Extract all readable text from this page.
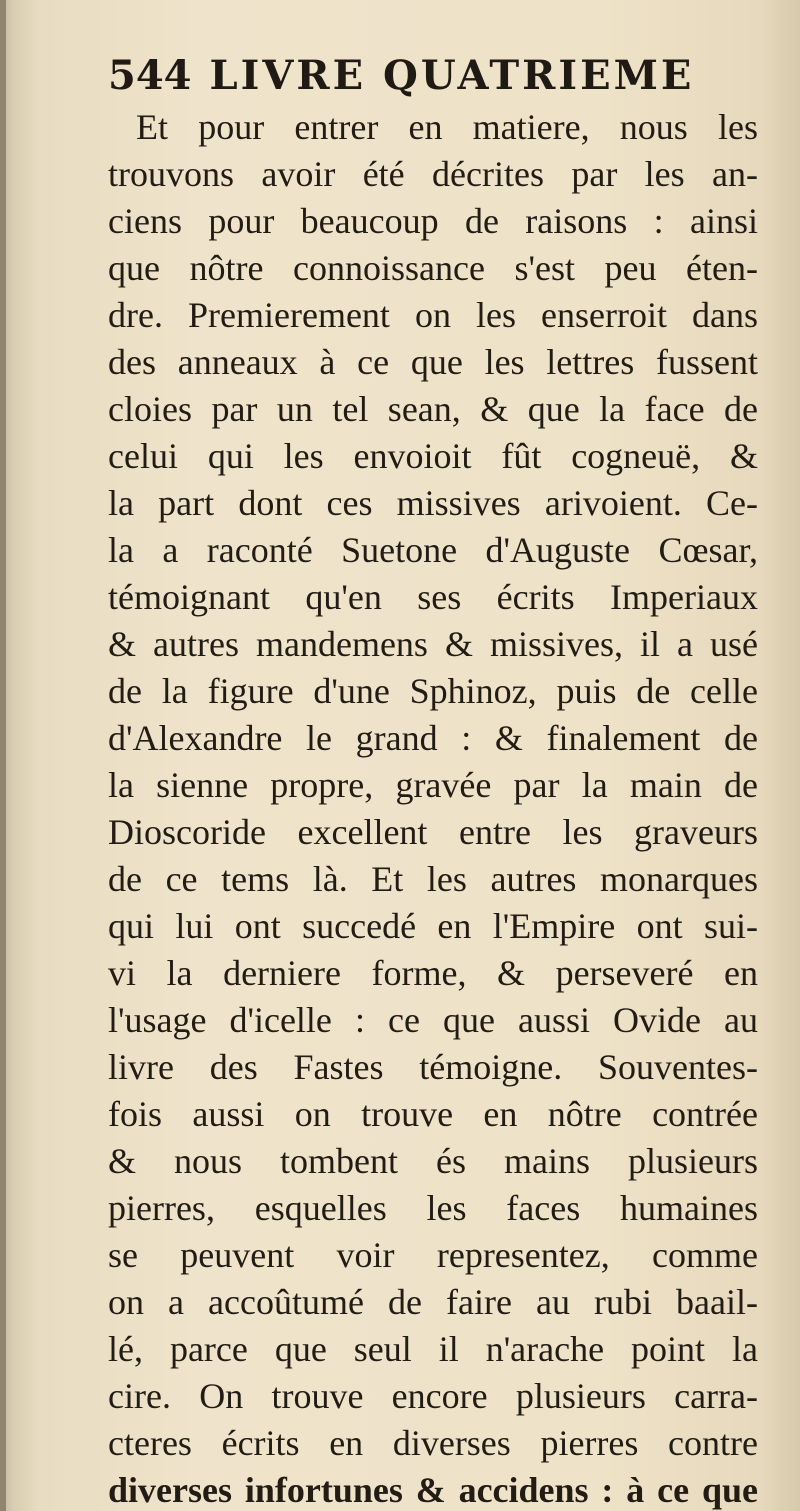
544 LIVRE QUATRIEME
Et pour entrer en matiere, nous les
trouvons avoir été décrites par les an-
ciens pour beaucoup de raisons : ainsi
que nôtre connoissance s'est peu éten-
dre. Premierement on les enserroit dans
des anneaux à ce que les lettres fussent
cloies par un tel sean, & que la face de
celui qui les envoioit fût cogneuë, &
la part dont ces missives arivoient. Ce-
la a raconté Suetone d'Auguste Cœsar,
témoignant qu'en ses écrits Imperiaux
& autres mandemens & missives, il a usé
de la figure d'une Sphinoz, puis de celle
d'Alexandre le grand : & finalement de
la sienne propre, gravée par la main de
Dioscoride excellent entre les graveurs
de ce tems là. Et les autres monarques
qui lui ont succedé en l'Empire ont sui-
vi la derniere forme, & perseveré en
l'usage d'icelle : ce que aussi Ovide au
livre des Fastes témoigne. Souventes-
fois aussi on trouve en nôtre contrée
& nous tombent és mains plusieurs
pierres, esquelles les faces humaines
se peuvent voir representez, comme
on a accoûtumé de faire au rubi baail-
lé, parce que seul il n'arache point la
cire. On trouve encore plusieurs carra-
cteres écrits en diverses pierres contre
diverses infortunes & accidens : à ce que
